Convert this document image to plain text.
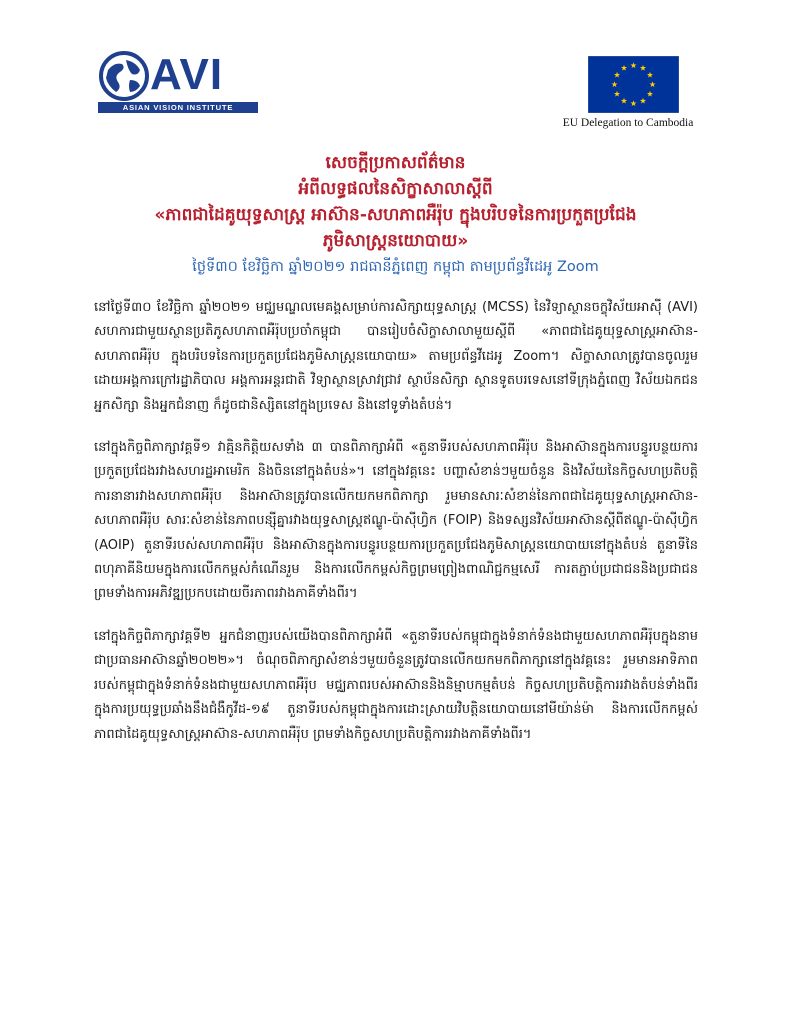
AVI
ASIAN VISION INSTITUTE
EU Delegation to Cambodia
សេចក្តីប្រកាសព័ត៌មាន
អំពីលទ្ធផលនៃសិក្ខាសាលាស្តីពី
«ភាពជាដៃគូយុទ្ធសាស្ត្រ អាស៊ាន-សហភាពអឺរ៉ុប ក្នុងបរិបទនៃការប្រកួតប្រជែង
ភូមិសាស្ត្រនយោបាយ»
ថ្ងៃទី៣០ ខែវិច្ឆិកា ឆ្នាំ២០២១ រាជធានីភ្នំពេញ កម្ពុជា តាមប្រព័ន្ធវីដេអូ Zoom

នៅថ្ងៃទី៣០ ខែវិច្ឆិកា ឆ្នាំ២០២១ មជ្ឈមណ្ឌលមេគង្គសម្រាប់ការសិក្សាយុទ្ធសាស្ត្រ (MCSS) នៃវិទ្យាស្ថានចក្ខុវិស័យអាស៊ី (AVI) សហការជាមួយស្ថានប្រតិភូសហភាពអឺរ៉ុបប្រចាំកម្ពុជា បានរៀបចំសិក្ខាសាលាមួយស្តីពី «ភាពជាដៃគូយុទ្ធសាស្ត្រអាស៊ាន-សហភាពអឺរ៉ុប ក្នុងបរិបទនៃការប្រកួតប្រជែងភូមិសាស្ត្រនយោបាយ» តាមប្រព័ន្ធវីដេអូ Zoom។ សិក្ខាសាលាត្រូវបានចូលរួមដោយអង្គការក្រៅរដ្ឋាភិបាល អង្គការអន្តរជាតិ វិទ្យាស្ថានស្រាវជ្រាវ ស្ថាប័នសិក្សា ស្ថានទូតបរទេសនៅទីក្រុងភ្នំពេញ វិស័យឯកជន អ្នកសិក្សា និងអ្នកជំនាញ ក៏ដូចជានិស្សិតនៅក្នុងប្រទេស និងនៅទូទាំងតំបន់។

នៅក្នុងកិច្ចពិភាក្សាវគ្គទី១ វាគ្មិនកិត្តិយសទាំង ៣ បានពិភាក្សាអំពី «តួនាទីរបស់សហភាពអឺរ៉ុប និងអាស៊ានក្នុងការបន្ធូរបន្ថយការប្រកួតប្រជែងរវាងសហរដ្ឋអាមេរិក និងចិននៅក្នុងតំបន់»។ នៅក្នុងវគ្គនេះ បញ្ហាសំខាន់ៗមួយចំនួន និងវិស័យនៃកិច្ចសហប្រតិបត្តិការនានារវាងសហភាពអឺរ៉ុប និងអាស៊ានត្រូវបានលើកយកមកពិភាក្សា រួមមានសារៈសំខាន់នៃភាពជាដៃគូយុទ្ធសាស្ត្រអាស៊ាន-សហភាពអឺរ៉ុប សារៈសំខាន់នៃភាពបន្សុីគ្នារវាងយុទ្ធសាស្ត្រឥណ្ឌូ-ប៉ាស៊ីហ្វិក (FOIP) និងទស្សនវិស័យអាស៊ានស្តីពីឥណ្ឌូ-ប៉ាស៊ីហ្វិក (AOIP) តួនាទីរបស់សហភាពអឺរ៉ុប និងអាស៊ានក្នុងការបន្ធូរបន្ថយការប្រកួតប្រជែងភូមិសាស្ត្រនយោបាយនៅក្នុងតំបន់ តួនាទីនៃពហុភាគីនិយមក្នុងការលើកកម្ពស់កំណើនរួម និងការលើកកម្ពស់កិច្ចព្រមព្រៀងពាណិជ្ជកម្មសេរី ការតភ្ជាប់ប្រជាជននិងប្រជាជន ព្រមទាំងការអភិវឌ្ឍប្រកបដោយចីរភាពរវាងភាគីទាំងពីរ។

នៅក្នុងកិច្ចពិភាក្សាវគ្គទី២ អ្នកជំនាញរបស់យើងបានពិភាក្សាអំពី «តួនាទីរបស់កម្ពុជាក្នុងទំនាក់ទំនងជាមួយសហភាពអឺរ៉ុបក្នុងនាមជាប្រធានអាស៊ានឆ្នាំ២០២២»។ ចំណុចពិភាក្សាសំខាន់ៗមួយចំនួនត្រូវបានលើកយកមកពិភាក្សានៅក្នុងវគ្គនេះ រួមមានអាទិភាពរបស់កម្ពុជាក្នុងទំនាក់ទំនងជាមួយសហភាពអឺរ៉ុប មជ្ឈភាពរបស់អាស៊ាននិងនិម្មាបកម្មតំបន់ កិច្ចសហប្រតិបត្តិការរវាងតំបន់ទាំងពីរក្នុងការប្រយុទ្ធប្រឆាំងនឹងជំងឺកូវីដ-១៩ តួនាទីរបស់កម្ពុជាក្នុងការដោះស្រាយវិបត្តិនយោបាយនៅមីយ៉ាន់ម៉ា និងការលើកកម្ពស់ភាពជាដៃគូយុទ្ធសាស្ត្រអាស៊ាន-សហភាពអឺរ៉ុប ព្រមទាំងកិច្ចសហប្រតិបត្តិការរវាងភាគីទាំងពីរ។
